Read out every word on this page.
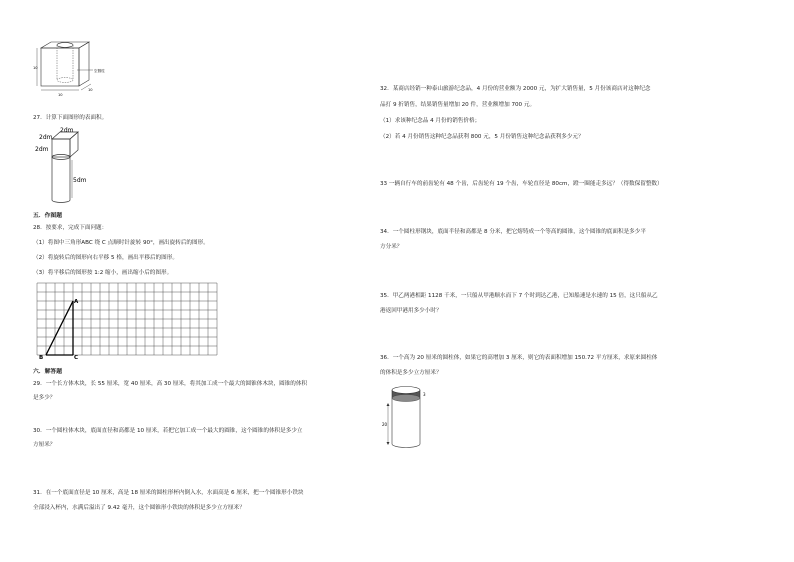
空圆柱
10
10
10
27．计算下面图形的表面积。
2dm
2dm
2dm
5dm
五．作图题
28．按要求，完成下面问题：
（1）将图中三角形ABC 绕 C 点顺时针旋转 90°，画出旋转后的图形。
（2）将旋转后的图形向右平移 5 格，画出平移后的图形。
（3）将平移后的图形按 1:2 缩小，画出缩小后的图形。
A
B	C
六．解答题
29．一个长方体木块，长 55 厘米，宽 40 厘米，高 30 厘米，将其加工成一个最大的圆锥体木块，圆锥的体积
是多少？
30．一个圆柱体木块，底面直径和高都是 10 厘米，若把它加工成一个最大的圆锥，这个圆锥的体积是多少立
方厘米？
31．在一个底面直径是 10 厘米，高是 18 厘米的圆柱形杯内倒入水，水面高是 6 厘米，把一个圆锥形小铁块
全部浸入杯内，水满后溢出了 9.42 毫升，这个圆锥形小铁块的体积是多少立方厘米？
32．某商店经销一种泰山旅游纪念品，4 月份的营业额为 2000 元，为扩大销售量，5 月份该商店对这种纪念
品打 9 折销售，结果销售量增加 20 件，营业额增加 700 元。
（1）求该种纪念品 4 月份的销售价格；
（2）若 4 月份销售这种纪念品获利 800 元，5 月份销售这种纪念品获利多少元？
33 一辆自行车的前齿轮有 48 个齿，后齿轮有 19 个齿，车轮直径是 80cm，蹬一圈能走多远？（得数保留整数）
34．一个圆柱形钢块，底面半径和高都是 8 分米，把它熔铸成一个等高的圆锥，这个圆锥的底面积是多少平
方分米？
35．甲乙两港相距 1128 千米，一只船从甲港顺水而下 7 个时到达乙港，已知船速是水速的 15 倍，这只船从乙
港返回甲港用多少小时？
36．一个高为 20 厘米的圆柱体，如果它的高增加 3 厘米，则它的表面积增加 150.72 平方厘米，求原来圆柱体
的体积是多少立方厘米？
3
20
